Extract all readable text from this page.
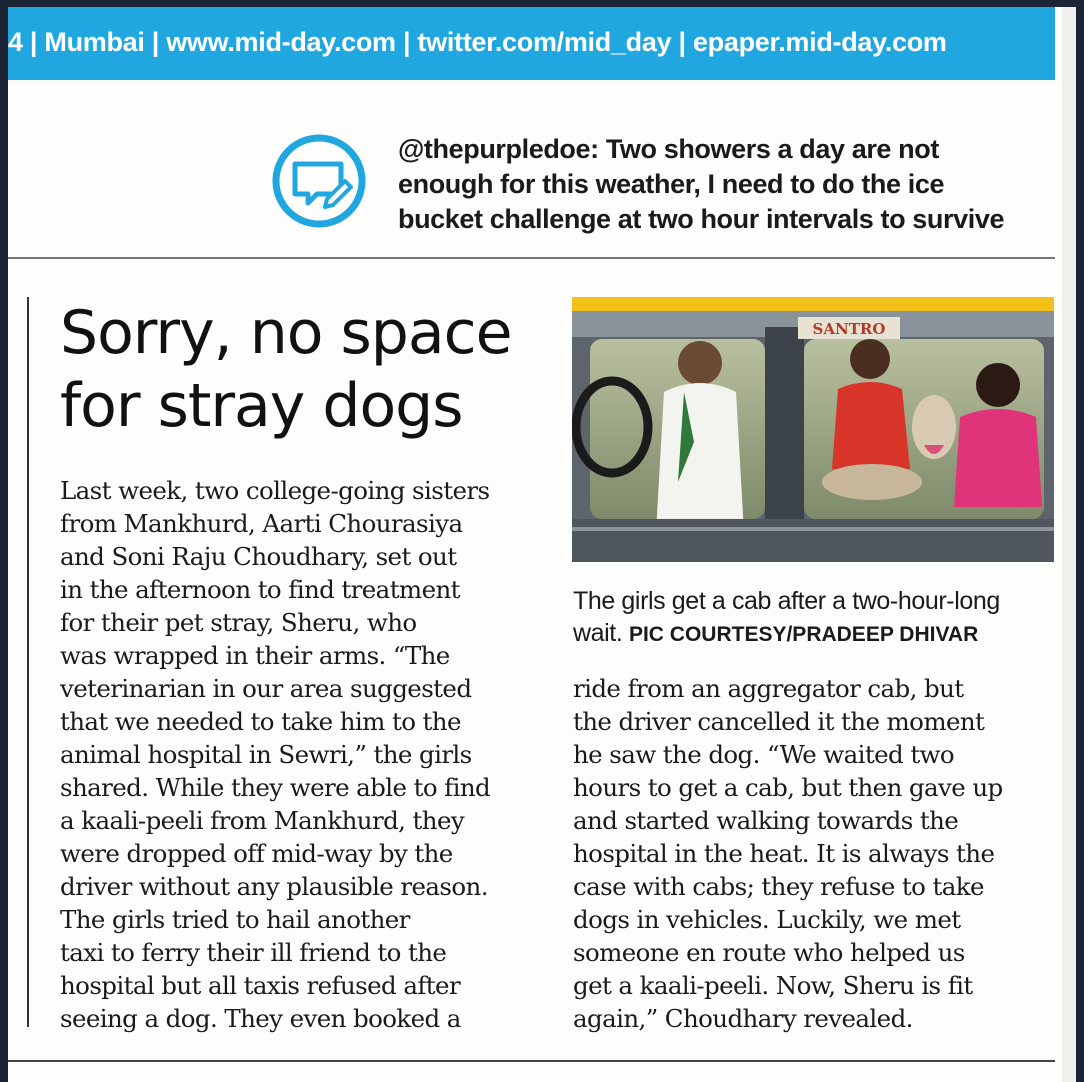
4 | Mumbai | www.mid-day.com | twitter.com/mid_day | epaper.mid-day.com
@thepurpledoe: Two showers a day are not
enough for this weather, I need to do the ice
bucket challenge at two hour intervals to survive
Sorry, no space
for stray dogs
Last week, two college-going sisters
from Mankhurd, Aarti Chourasiya
and Soni Raju Choudhary, set out
in the afternoon to find treatment
for their pet stray, Sheru, who
was wrapped in their arms. “The
veterinarian in our area suggested
that we needed to take him to the
animal hospital in Sewri,” the girls
shared. While they were able to find
a kaali-peeli from Mankhurd, they
were dropped off mid-way by the
driver without any plausible reason.
The girls tried to hail another
taxi to ferry their ill friend to the
hospital but all taxis refused after
seeing a dog. They even booked a
SANTRO
The girls get a cab after a two-hour-long
wait. PIC COURTESY/PRADEEP DHIVAR
ride from an aggregator cab, but
the driver cancelled it the moment
he saw the dog. “We waited two
hours to get a cab, but then gave up
and started walking towards the
hospital in the heat. It is always the
case with cabs; they refuse to take
dogs in vehicles. Luckily, we met
someone en route who helped us
get a kaali-peeli. Now, Sheru is fit
again,” Choudhary revealed.
